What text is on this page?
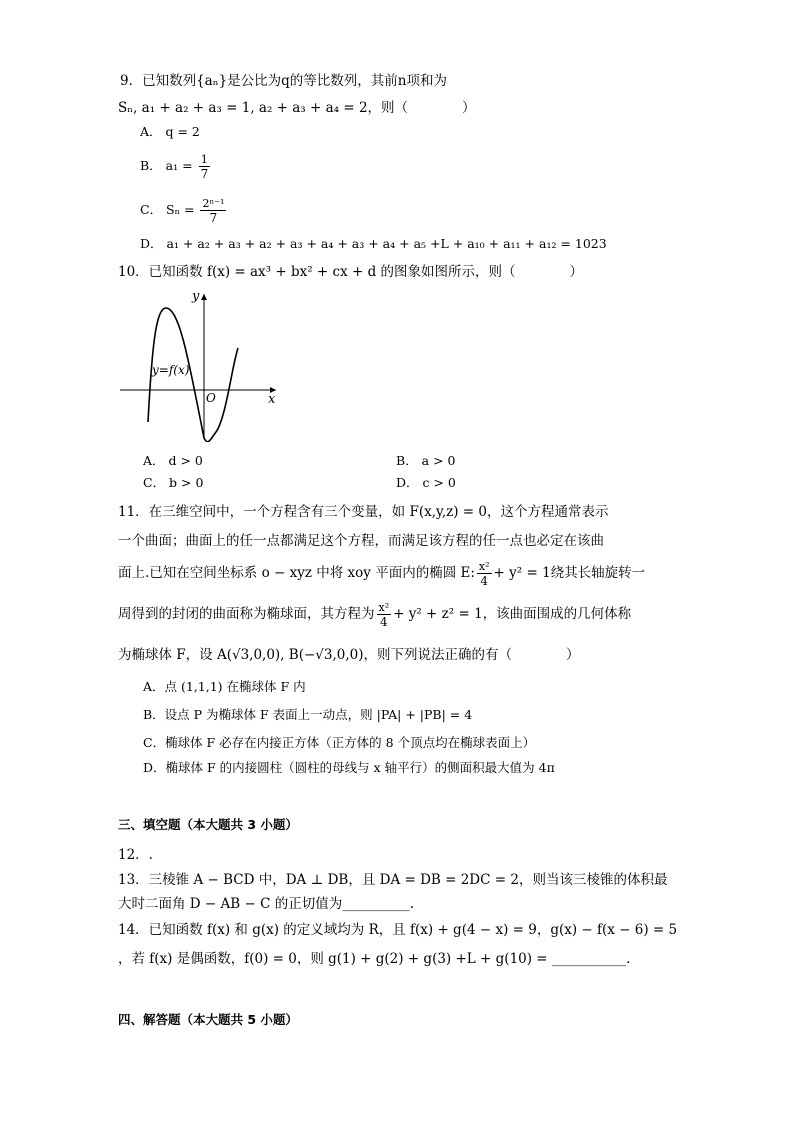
9．已知数列{aₙ}是公比为q的等比数列，其前n项和为
Sₙ, a₁ + a₂ + a₃ = 1, a₂ + a₃ + a₄ = 2，则（　　　　）
A． q = 2
B． $a_1 = \frac{1}{7}$
C． $S_n = \frac{\text{2ⁿ⁻¹}}{7}$
D． a₁ + a₂ + a₃ + a₂ + a₃ + a₄ + a₃ + a₄ + a₅ +L + a₁₀ + a₁₁ + a₁₂ = 1023
10．已知函数 f(x) = ax³ + bx² + cx + d 的图象如图所示，则（　　　　）
y
x
O
y=f(x)
A． d > 0	B． a > 0
C． b > 0	D． c > 0
11．在三维空间中，一个方程含有三个变量，如 F(x,y,z) = 0，这个方程通常表示
一个曲面；曲面上的任一点都满足这个方程，而满足该方程的任一点也必定在该曲
面上.已知在空间坐标系 o − xyz 中将 xoy 平面内的椭圆 E: $\frac{\text{x²}}{4} + y^2 = 1$绕其长轴旋转一
周得到的封闭的曲面称为椭球面，其方程为 $\frac{\text{x²}}{4} + y^2 + z^2 = 1$，该曲面围成的几何体称
为椭球体 F，设 A(√3,0,0), B(−√3,0,0)，则下列说法正确的有（　　　　）
A．点 (1,1,1) 在椭球体 F 内
B．设点 P 为椭球体 F 表面上一动点，则 |PA| + |PB| = 4
C．椭球体 F 必存在内接正方体（正方体的 8 个顶点均在椭球表面上）
D．椭球体 F 的内接圆柱（圆柱的母线与 x 轴平行）的侧面积最大值为 4π
三、填空题（本大题共 3 小题）
12．.
13．三棱锥 A − BCD 中，DA ⊥ DB，且 DA = DB = 2DC = 2，则当该三棱锥的体积最
大时二面角 D − AB − C 的正切值为__________.
14．已知函数 f(x) 和 g(x) 的定义域均为 R，且 f(x) + g(4 − x) = 9，g(x) − f(x − 6) = 5
，若 f(x) 是偶函数，f(0) = 0，则 g(1) + g(2) + g(3) +L + g(10) = ___________.
四、解答题（本大题共 5 小题）
